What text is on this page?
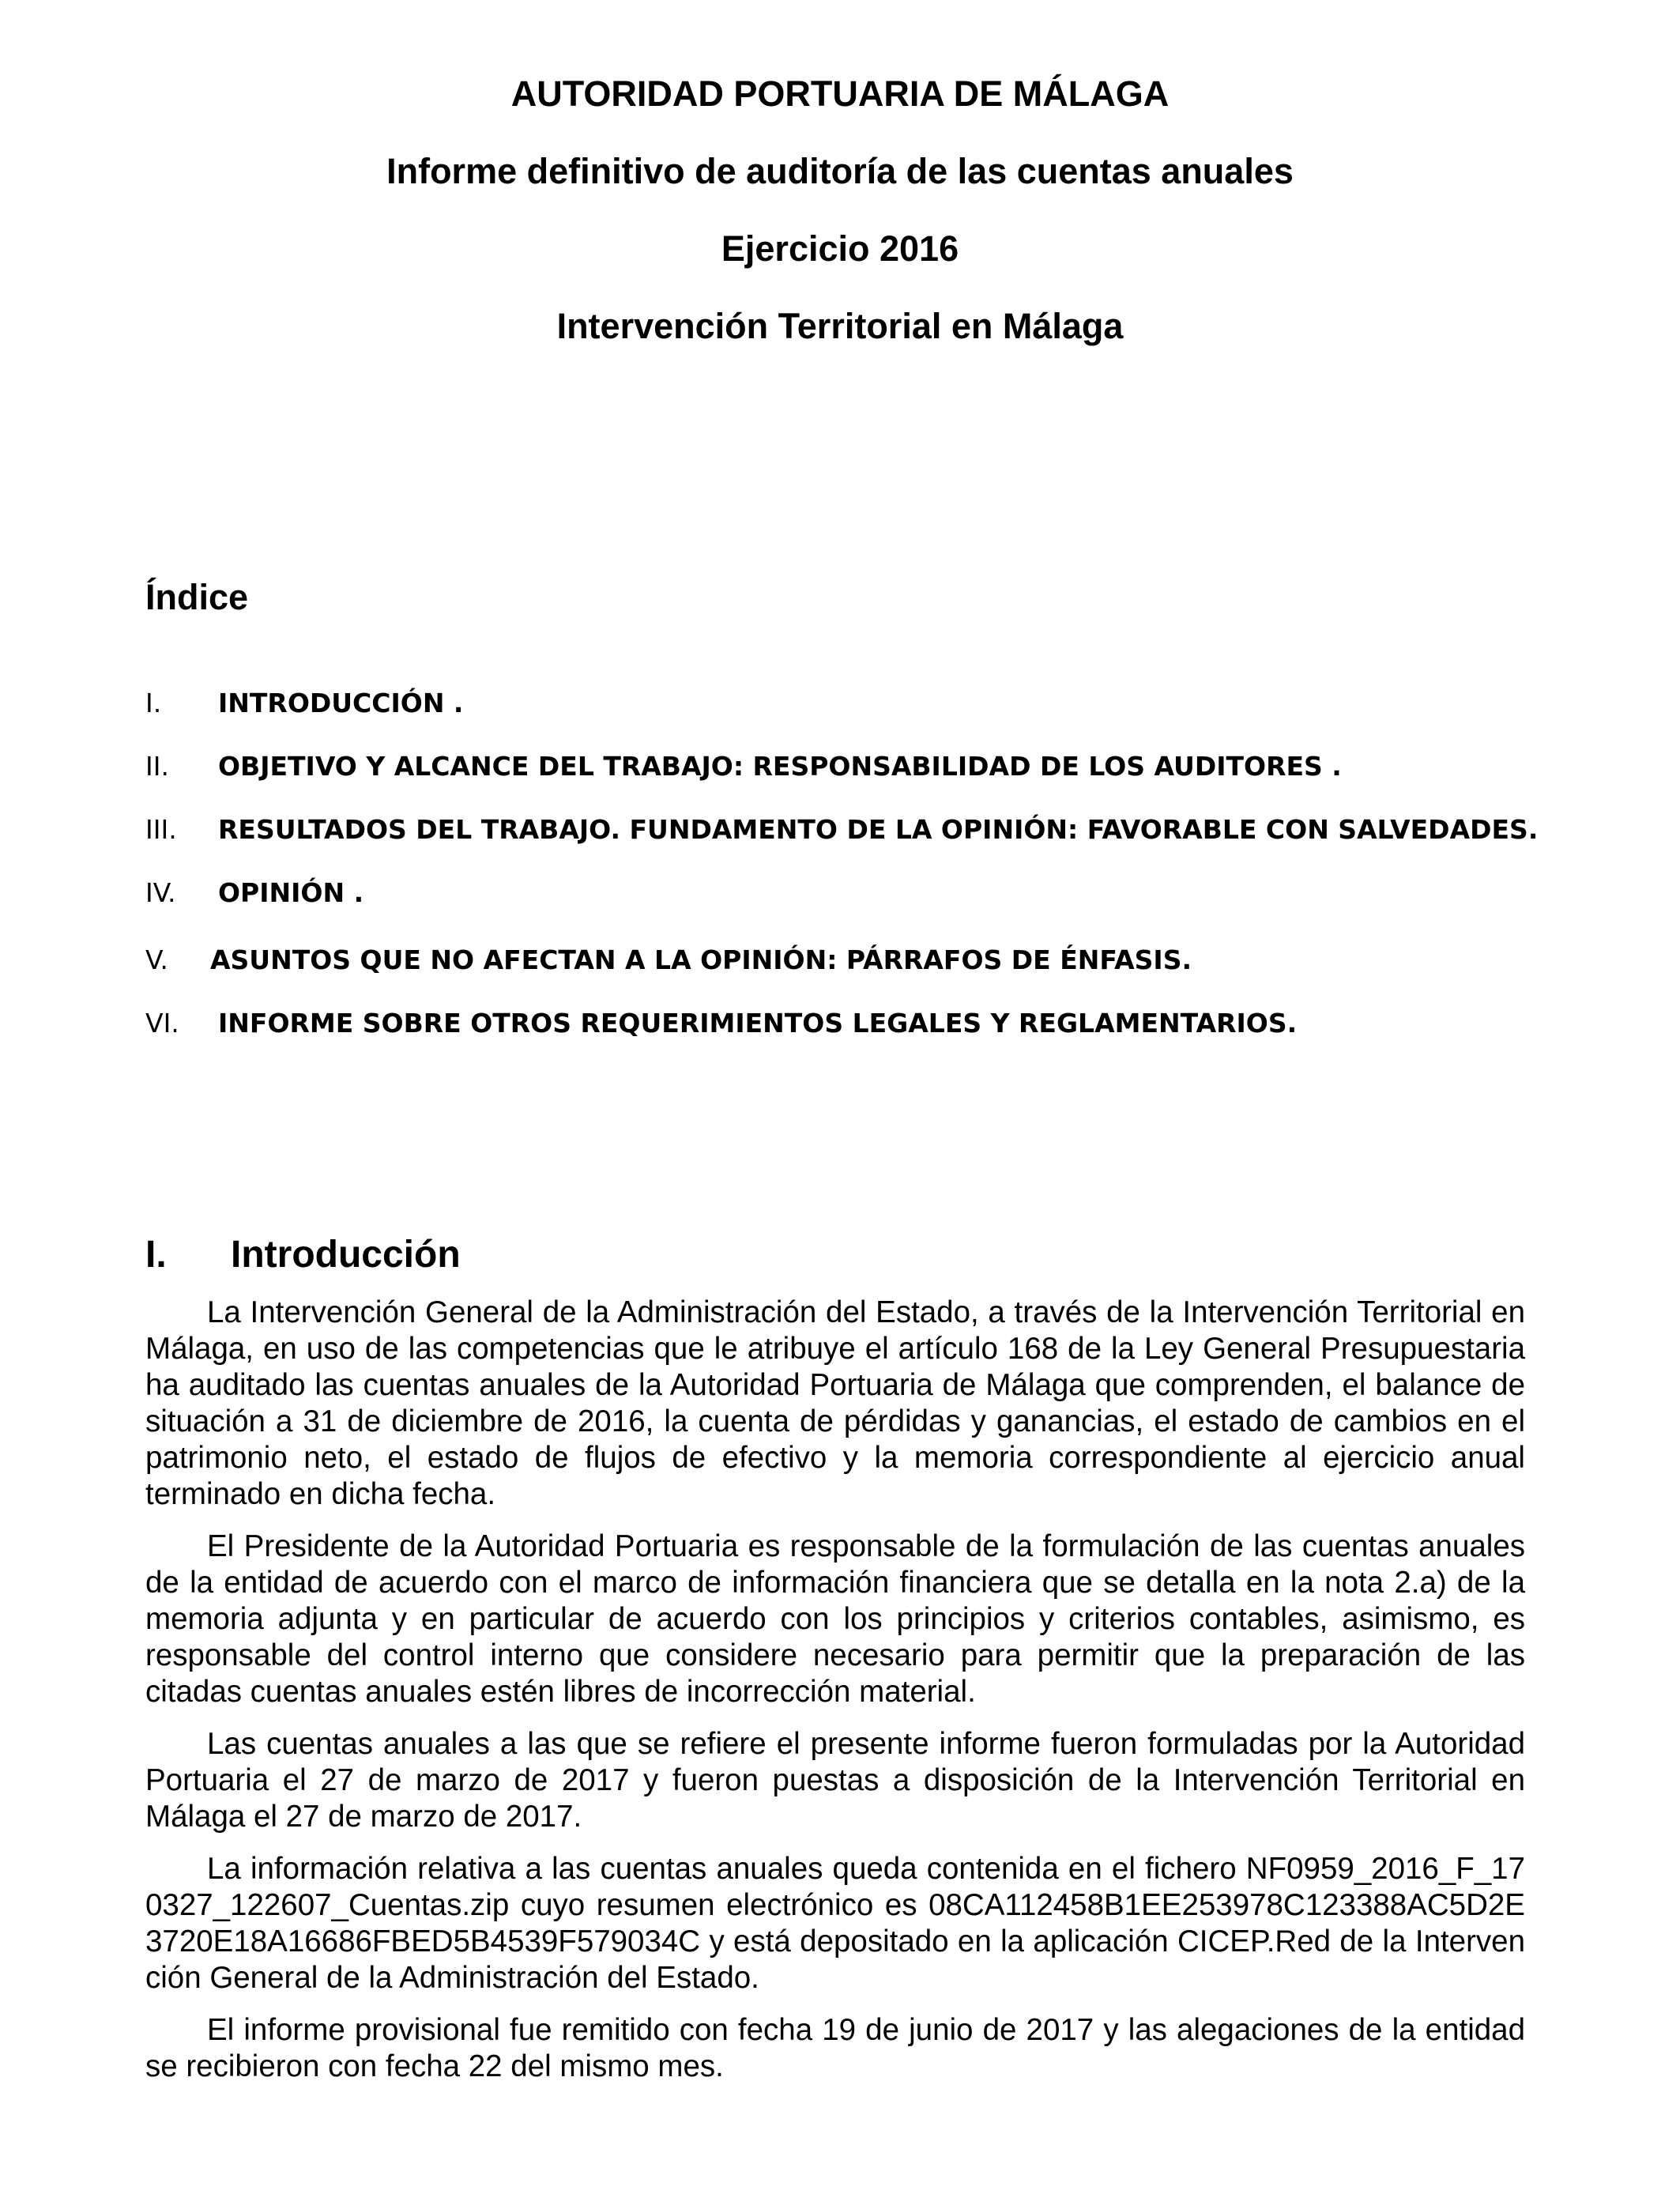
AUTORIDAD PORTUARIA DE MÁLAGA
Informe definitivo de auditoría de las cuentas anuales
Ejercicio 2016
Intervención Territorial en Málaga
Índice
I. INTRODUCCIÓN .
II. OBJETIVO Y ALCANCE DEL TRABAJO: RESPONSABILIDAD DE LOS AUDITORES .
III. RESULTADOS DEL TRABAJO. FUNDAMENTO DE LA OPINIÓN: FAVORABLE CON SALVEDADES.
IV. OPINIÓN .
V. ASUNTOS QUE NO AFECTAN A LA OPINIÓN: PÁRRAFOS DE ÉNFASIS.
VI. INFORME SOBRE OTROS REQUERIMIENTOS LEGALES Y REGLAMENTARIOS.
I. Introducción

La Intervención General de la Administración del Estado, a través de la Intervención Territorial en Málaga, en uso de las competencias que le atribuye el artículo 168 de la Ley General Presupuestaria ha auditado las cuentas anuales de la Autoridad Portuaria de Málaga que comprenden, el balance de situación a 31 de diciembre de 2016, la cuenta de pérdidas y ganancias, el estado de cambios en el patrimonio neto, el estado de flujos de efectivo y la memoria correspondiente al ejercicio anual terminado en dicha fecha.

El Presidente de la Autoridad Portuaria es responsable de la formulación de las cuentas anuales de la entidad de acuerdo con el marco de información financiera que se detalla en la nota 2.a) de la memoria adjunta y en particular de acuerdo con los principios y criterios contables, asimismo, es responsable del control interno que considere necesario para permitir que la preparación de las citadas cuentas anuales estén libres de incorrección material.

Las cuentas anuales a las que se refiere el presente informe fueron formuladas por la Autoridad Portuaria el 27 de marzo de 2017 y fueron puestas a disposición de la Intervención Territorial en Málaga el 27 de marzo de 2017.

La información relativa a las cuentas anuales queda contenida en el fichero NF0959_2016_F_170327_122607_Cuentas.zip cuyo resumen electrónico es 08CA112458B1EE253978C123388AC5D2E3720E18A16686FBED5B4539F579034C y está depositado en la aplicación CICEP.Red de la Intervención General de la Administración del Estado.

El informe provisional fue remitido con fecha 19 de junio de 2017 y las alegaciones de la entidad se recibieron con fecha 22 del mismo mes.
